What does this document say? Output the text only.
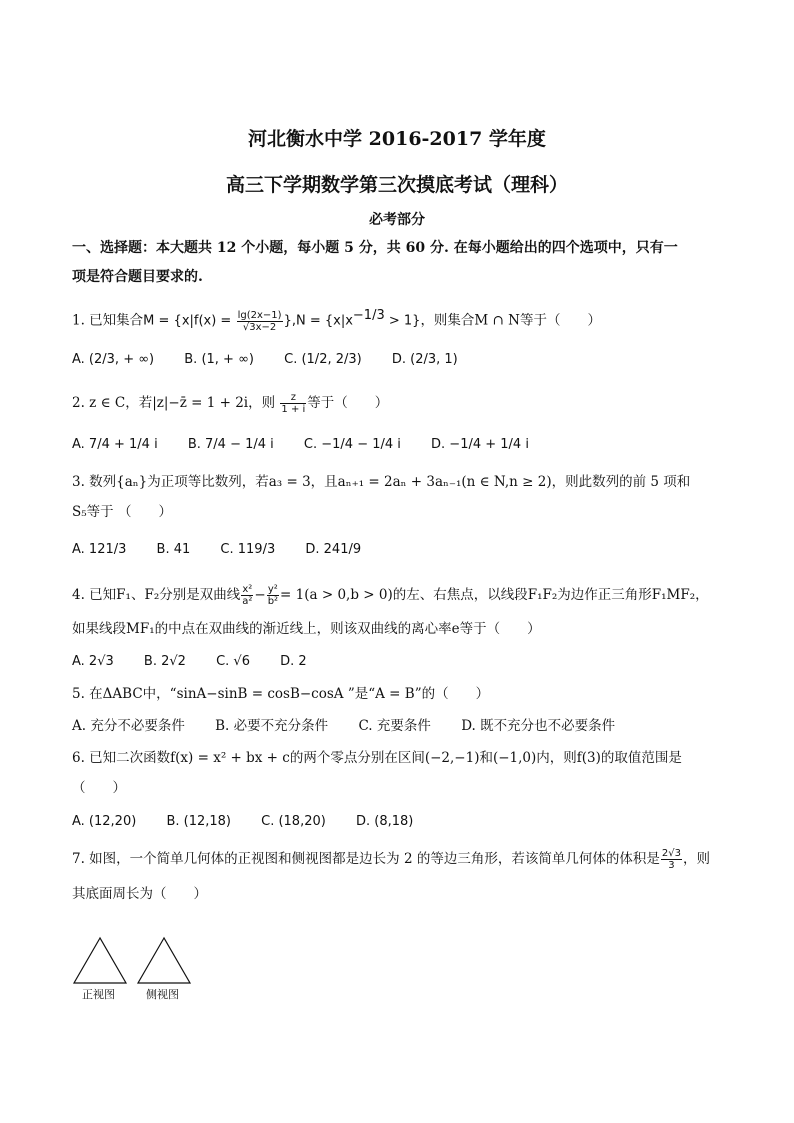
河北衡水中学 2016-2017 学年度
高三下学期数学第三次摸底考试（理科）
必考部分
一、选择题：本大题共 12 个小题，每小题 5 分，共 60 分. 在每小题给出的四个选项中，只有一
项是符合题目要求的.
1. 已知集合$M = \{x|f(x) = \frac{\lg(2x-1)}{√3x-2} \},N = \{x|x^{-1/3} > 1\}$，则集合M ∩ N等于（　　）
A. (2/3, + ∞) B. (1, + ∞) C. (1/2, 2/3) D. (2/3, 1)
2. z ∈ C，若|z|−z̄ = 1 + 2i，则 $\frac{z}{1 + i}$ 等于（　　）
A. 7/4 + 1/4 i B. 7/4 − 1/4 i C. −1/4 − 1/4 i D. −1/4 + 1/4 i
3. 数列{aₙ}为正项等比数列，若a₃ = 3，且aₙ₊₁ = 2aₙ + 3aₙ₋₁(n ∈ N,n ≥ 2)，则此数列的前 5 项和
S₅等于 （　　）
A. 121/3 B. 41 C. 119/3 D. 241/9
4. 已知F₁、F₂分别是双曲线 $\frac{\text{x²}}{\text{a²}} - \frac{\text{y²}}{\text{b²}} = 1(a > 0,b > 0)$的左、右焦点，以线段F₁F₂为边作正三角形F₁MF₂，
如果线段MF₁的中点在双曲线的渐近线上，则该双曲线的离心率e等于（　　）
A. 2√3 B. 2√2 C. √6 D. 2
5. 在ΔABC中，“sinA−sinB = cosB−cosA ”是“A = B”的（　　）
A. 充分不必要条件 B. 必要不充分条件 C. 充要条件 D. 既不充分也不必要条件
6. 已知二次函数f(x) = x² + bx + c的两个零点分别在区间(−2,−1)和(−1,0)内，则f(3)的取值范围是
（　　）
A. (12,20) B. (12,18) C. (18,20) D. (8,18)
7. 如图，一个简单几何体的正视图和侧视图都是边长为 2 的等边三角形，若该简单几何体的体积是 $\frac{2√3}{3}$ ，则
其底面周长为（　　）
正视图	侧视图
